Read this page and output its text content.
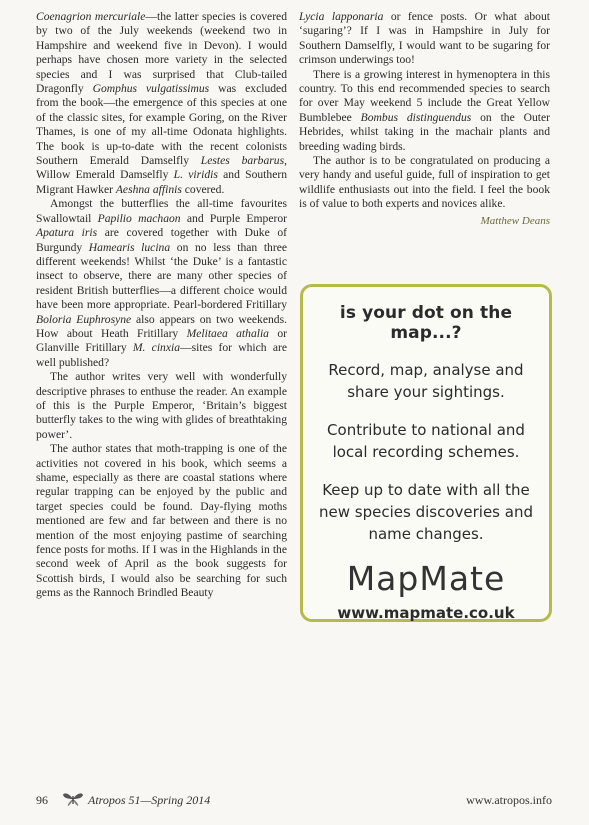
Coenagrion mercuriale—the latter species is covered by two of the July weekends (weekend two in Hampshire and weekend five in Devon). I would perhaps have chosen more variety in the selected species and I was surprised that Club-tailed Dragonfly Gomphus vulgatissimus was excluded from the book—the emergence of this species at one of the classic sites, for example Goring, on the River Thames, is one of my all-time Odonata highlights. The book is up-to-date with the recent colonists Southern Emerald Damselfly Lestes barbarus, Willow Emerald Damselfly L. viridis and Southern Migrant Hawker Aeshna affinis covered.

Amongst the butterflies the all-time favourites Swallowtail Papilio machaon and Purple Emperor Apatura iris are covered together with Duke of Burgundy Hamearis lucina on no less than three different weekends! Whilst ‘the Duke’ is a fantastic insect to observe, there are many other species of resident British butterflies—a different choice would have been more appropriate. Pearl-bordered Fritillary Boloria Euphrosyne also appears on two weekends. How about Heath Fritillary Melitaea athalia or Glanville Fritillary M. cinxia—sites for which are well published?

The author writes very well with wonderfully descriptive phrases to enthuse the reader. An example of this is the Purple Emperor, ‘Britain’s biggest butterfly takes to the wing with glides of breathtaking power’.

The author states that moth-trapping is one of the activities not covered in his book, which seems a shame, especially as there are coastal stations where regular trapping can be enjoyed by the public and target species could be found. Day-flying moths mentioned are few and far between and there is no mention of the most enjoying pastime of searching fence posts for moths. If I was in the Highlands in the second week of April as the book suggests for Scottish birds, I would also be searching for such gems as the Rannoch Brindled Beauty

Lycia lapponaria or fence posts. Or what about ‘sugaring’? If I was in Hampshire in July for Southern Damselfly, I would want to be sugaring for crimson underwings too!

There is a growing interest in hymenoptera in this country. To this end recommended species to search for over May weekend 5 include the Great Yellow Bumblebee Bombus distinguendus on the Outer Hebrides, whilst taking in the machair plants and breeding wading birds.

The author is to be congratulated on producing a very handy and useful guide, full of inspiration to get wildlife enthusiasts out into the field. I feel the book is of value to both experts and novices alike.

Matthew Deans
is your dot on the map...?
Record, map, analyse and share your sightings.
Contribute to national and local recording schemes.
Keep up to date with all the new species discoveries and name changes.
MapMate
www.mapmate.co.uk
96	Atropos 51—Spring 2014	www.atropos.info
